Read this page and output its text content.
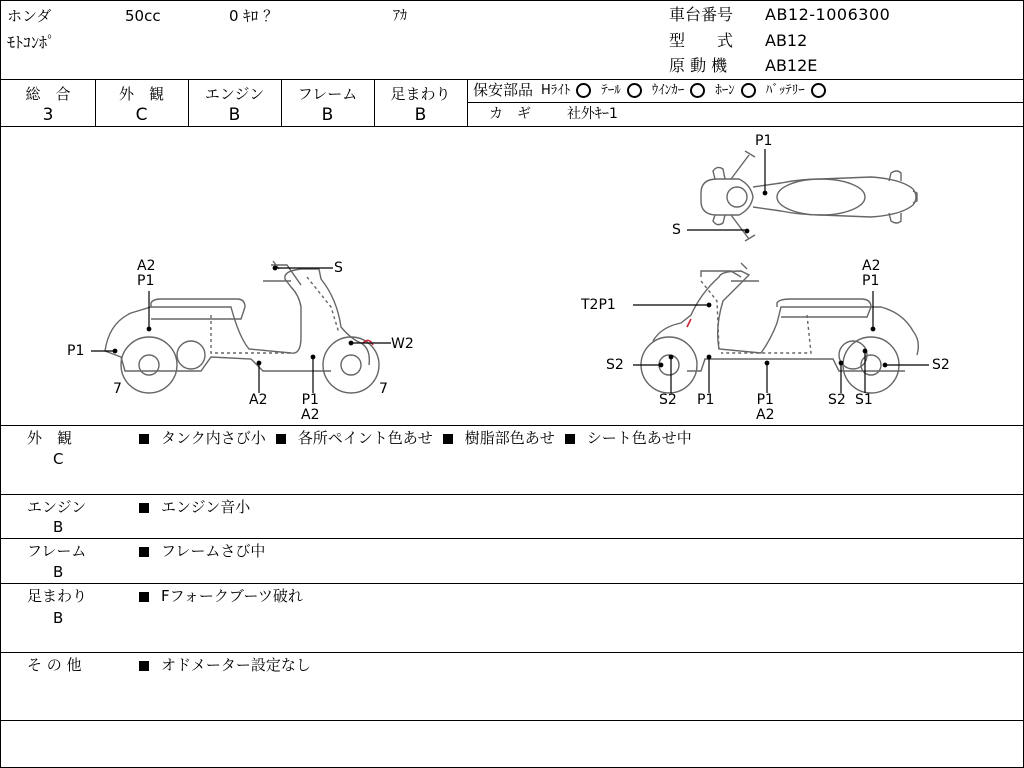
ホンダ	50cc	0 ｷﾛ ？	ｱｶ
ﾓﾄｺﾝﾎﾟ
車台番号 AB12-1006300
型　　式 AB12
原 動 機 AB12E
総　合
3
外　観
C
エンジン
B
フレーム
B
足まわり
B
保安部品 Hﾗｲﾄ ﾃｰﾙ ｳｲﾝｶｰ ﾎｰﾝ ﾊﾞｯﾃﾘｰ
カ　ギ	社外ｷｰ1
P1
S
A2
P1
P1
S
W2
7	7
A2 P1
A2
A2
P1
T2P1
S2	S2
S2 P1	P1
A2
S2 S1
外　観
C
タンク内さび小 各所ペイント色あせ 樹脂部色あせ シート色あせ中
エンジン
B
エンジン音小
フレーム
B
フレームさび中
足まわり
B
Fフォークブーツ破れ
そ の 他	オドメーター設定なし
